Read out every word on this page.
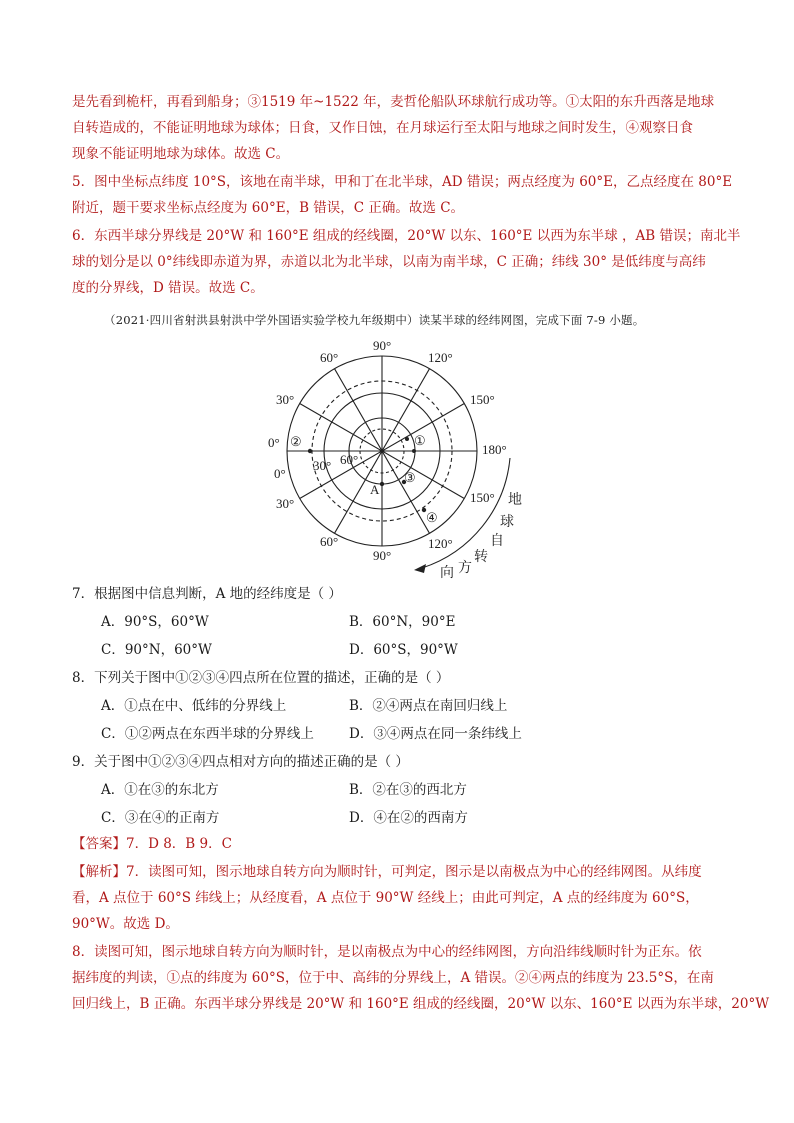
是先看到桅杆，再看到船身；③1519 年~1522 年，麦哲伦船队环球航行成功等。①太阳的东升西落是地球
自转造成的，不能证明地球为球体；日食，又作日蚀，在月球运行至太阳与地球之间时发生，④观察日食
现象不能证明地球为球体。故选 C。
5．图中坐标点纬度 10°S，该地在南半球，甲和丁在北半球，AD 错误；两点经度为 60°E，乙点经度在 80°E
附近，题干要求坐标点经度为 60°E，B 错误，C 正确。故选 C。
6．东西半球分界线是 20°W 和 160°E 组成的经线圈，20°W 以东、160°E 以西为东半球 ，AB 错误；南北半
球的划分是以 0°纬线即赤道为界，赤道以北为北半球，以南为南半球，C 正确；纬线 30° 是低纬度与高纬
度的分界线，D 错误。故选 C。
（2021·四川省射洪县射洪中学外国语实验学校九年级期中）读某半球的经纬网图，完成下面 7-9 小题。
90°
60°	120°
30°	150°
0°	180°
0°
30°	150°
60°
90°
120°
30° 60°
A
①
②
③
④
地
球
自
转
方
向
7．根据图中信息判断，A 地的经纬度是（ ）
A．90°S，60°W	B．60°N，90°E
C．90°N，60°W	D．60°S，90°W
8．下列关于图中①②③④四点所在位置的描述，正确的是（ ）
A．①点在中、低纬的分界线上	B．②④两点在南回归线上
C．①②两点在东西半球的分界线上	D．③④两点在同一条纬线上
9．关于图中①②③④四点相对方向的描述正确的是（ ）
A．①在③的东北方	B．②在③的西北方
C．③在④的正南方	D．④在②的西南方
【答案】7．D 8．B 9．C
【解析】7．读图可知，图示地球自转方向为顺时针，可判定，图示是以南极点为中心的经纬网图。从纬度
看，A 点位于 60°S 纬线上；从经度看，A 点位于 90°W 经线上；由此可判定，A 点的经纬度为 60°S，
90°W。故选 D。
8．读图可知，图示地球自转方向为顺时针，是以南极点为中心的经纬网图，方向沿纬线顺时针为正东。依
据纬度的判读，①点的纬度为 60°S，位于中、高纬的分界线上，A 错误。②④两点的纬度为 23.5°S，在南
回归线上，B 正确。东西半球分界线是 20°W 和 160°E 组成的经线圈，20°W 以东、160°E 以西为东半球，20°W
